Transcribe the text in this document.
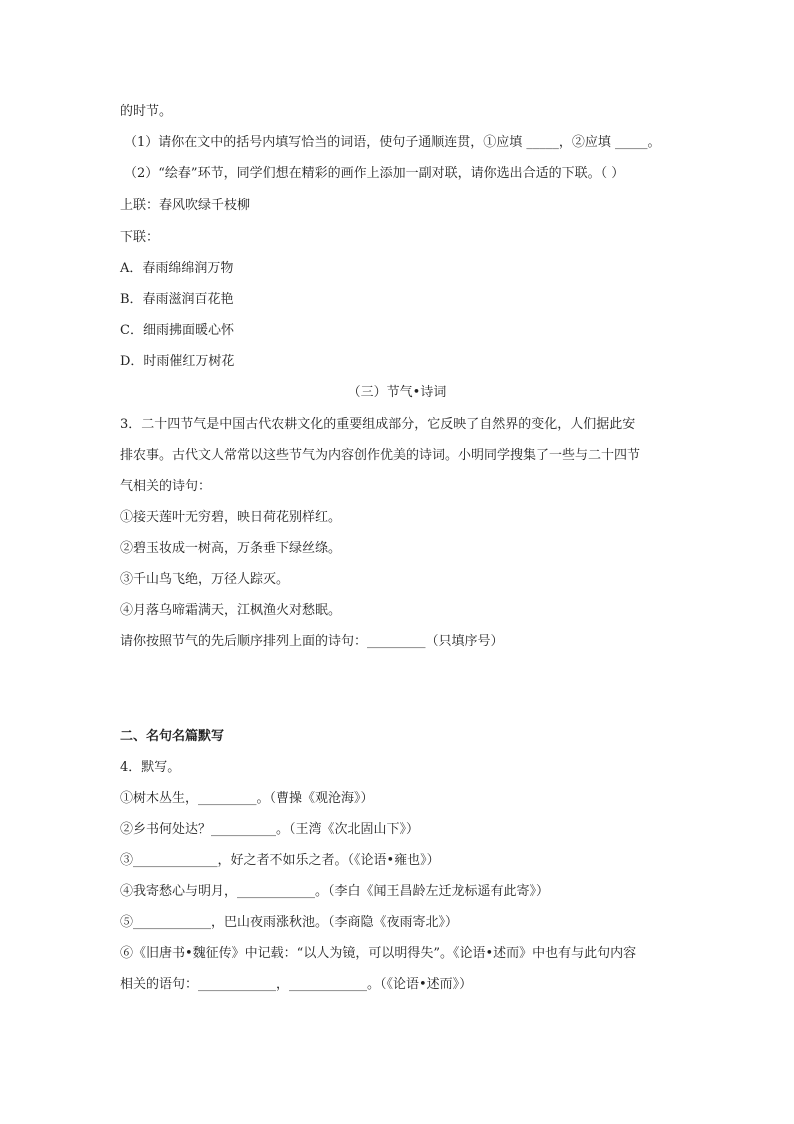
的时节。
（1）请你在文中的括号内填写恰当的词语，使句子通顺连贯，①应填 _____，②应填 _____。
（2）“绘春”环节，同学们想在精彩的画作上添加一副对联，请你选出合适的下联。（ ）
上联：春风吹绿千枝柳
下联：
A．春雨绵绵润万物
B．春雨滋润百花艳
C．细雨拂面暖心怀
D．时雨催红万树花
（三）节气•诗词
3．二十四节气是中国古代农耕文化的重要组成部分，它反映了自然界的变化，人们据此安
排农事。古代文人常常以这些节气为内容创作优美的诗词。小明同学搜集了一些与二十四节
气相关的诗句：
①接天莲叶无穷碧，映日荷花别样红。
②碧玉妆成一树高，万条垂下绿丝绦。
③千山鸟飞绝，万径人踪灭。
④月落乌啼霜满天，江枫渔火对愁眠。
请你按照节气的先后顺序排列上面的诗句：_________（只填序号）
二、名句名篇默写
4．默写。
①树木丛生，_________。（曹操《观沧海》）
②乡书何处达？__________。（王湾《次北固山下》）
③_____________，好之者不如乐之者。（《论语•雍也》）
④我寄愁心与明月，____________。（李白《闻王昌龄左迁龙标遥有此寄》）
⑤____________，巴山夜雨涨秋池。（李商隐《夜雨寄北》）
⑥《旧唐书•魏征传》中记载：“以人为镜，可以明得失”。《论语•述而》中也有与此句内容
相关的语句：____________，____________。（《论语•述而》）
